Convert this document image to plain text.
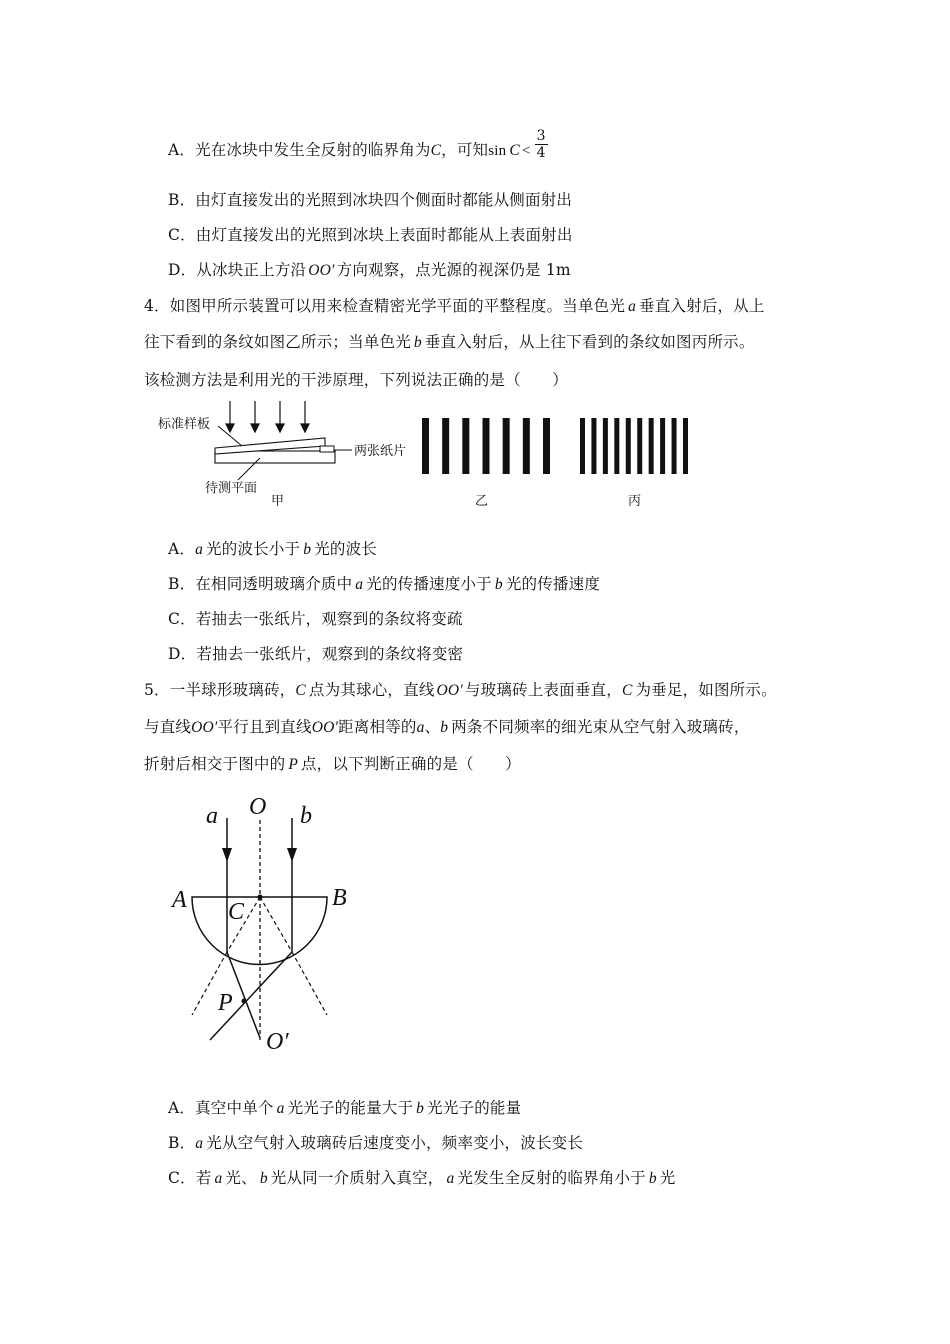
A．光在冰块中发生全反射的临界角为C，可知$\sin C < \frac{3}{4}$
B．由灯直接发出的光照到冰块四个侧面时都能从侧面射出
C．由灯直接发出的光照到冰块上表面时都能从上表面射出
D．从冰块正上方沿 OO′ 方向观察，点光源的视深仍是 1m
4．如图甲所示装置可以用来检查精密光学平面的平整程度。当单色光 a 垂直入射后，从上
往下看到的条纹如图乙所示；当单色光 b 垂直入射后，从上往下看到的条纹如图丙所示。
该检测方法是利用光的干涉原理，下列说法正确的是（　　）
标准样板
两张纸片
待测平面
甲	乙	丙
A．a 光的波长小于 b 光的波长
B．在相同透明玻璃介质中 a 光的传播速度小于 b 光的传播速度
C．若抽去一张纸片，观察到的条纹将变疏
D．若抽去一张纸片，观察到的条纹将变密
5．一半球形玻璃砖，C 点为其球心，直线 OO′ 与玻璃砖上表面垂直，C 为垂足，如图所示。
与直线OO′平行且到直线OO′距离相等的a、b 两条不同频率的细光束从空气射入玻璃砖，
折射后相交于图中的 P 点，以下判断正确的是（　　）
a O b
A	B
C
P
O′
A．真空中单个 a 光光子的能量大于 b 光光子的能量
B．a 光从空气射入玻璃砖后速度变小，频率变小，波长变长
C．若 a 光、 b 光从同一介质射入真空， a 光发生全反射的临界角小于 b 光
